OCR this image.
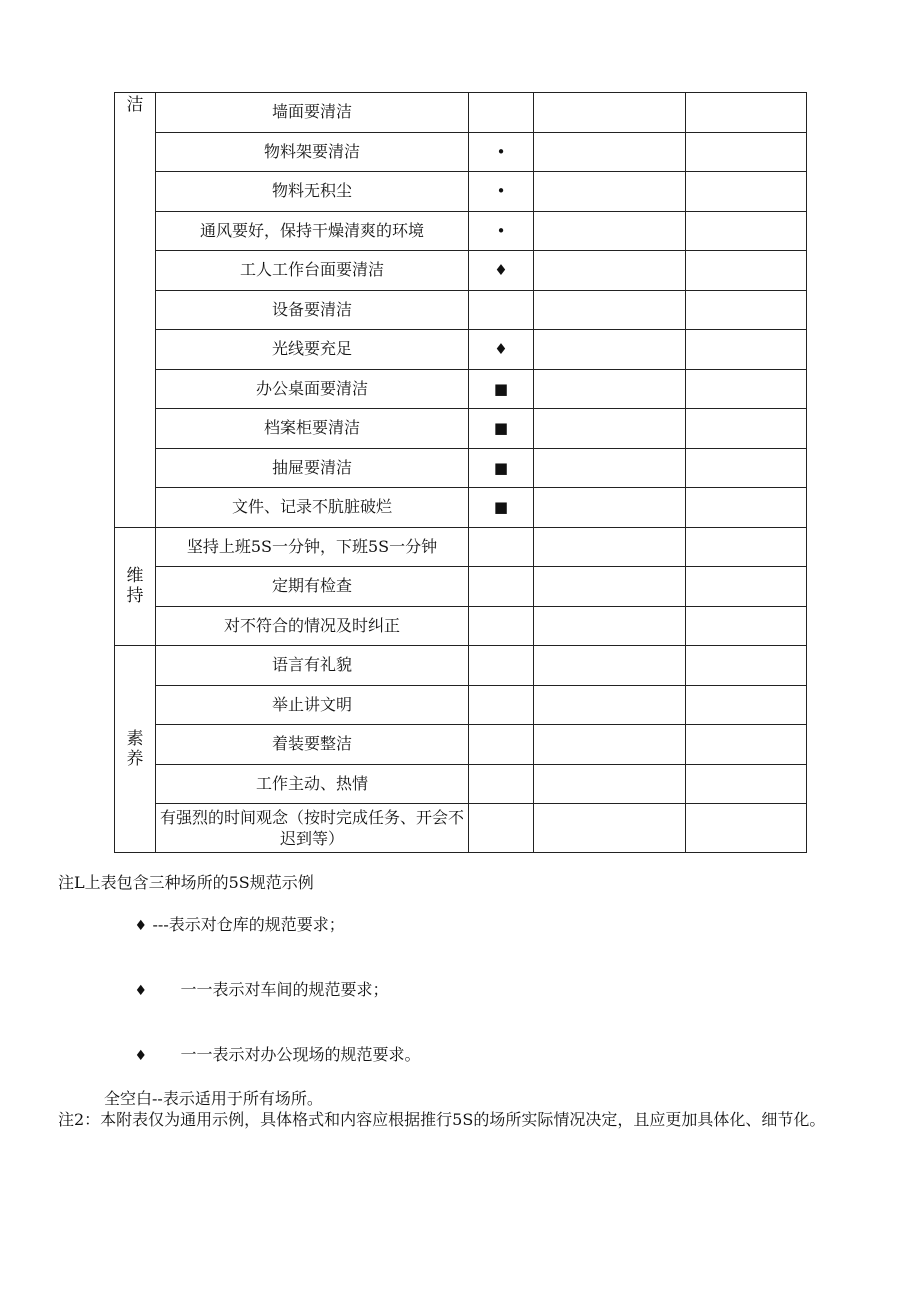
洁	墙面要清洁			
	物料架要清洁	•		
	物料无积尘	•		
	通风要好，保持干燥清爽的环境	•		
	工人工作台面要清洁	♦		
	设备要清洁			
	光线要充足	♦		
	办公桌面要清洁	■		
	档案柜要清洁	■		
	抽屉要清洁	■		
	文件、记录不肮脏破烂	■		
维持	坚持上班5S一分钟，下班5S一分钟			
	定期有检查			
	对不符合的情况及时纠正			
素养	语言有礼貌			
	举止讲文明			
	着装要整洁			
	工作主动、热情			
	有强烈的时间观念（按时完成任务、开会不迟到等）			
注L上表包含三种场所的5S规范示例

♦ ---表示对仓库的规范要求；

♦ 一一表示对车间的规范要求；

♦ 一一表示对办公现场的规范要求。

全空白--表示适用于所有场所。
注2：本附表仅为通用示例，具体格式和内容应根据推行5S的场所实际情况决定，且应更加具体化、细节化。
